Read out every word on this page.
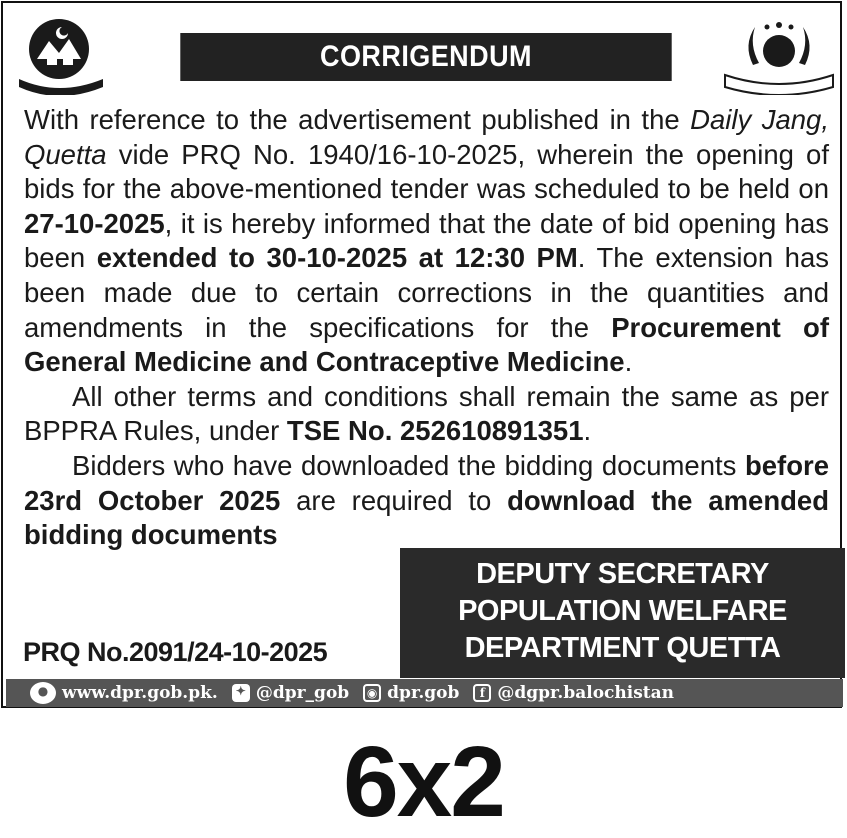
CORRIGENDUM

With reference to the advertisement published in the Daily Jang, Quetta vide PRQ No. 1940/16-10-2025, wherein the opening of bids for the above-mentioned tender was scheduled to be held on 27-10-2025, it is hereby informed that the date of bid opening has been extended to 30-10-2025 at 12:30 PM. The extension has been made due to certain corrections in the quantities and amendments in the specifications for the Procurement of General Medicine and Contraceptive Medicine.

All other terms and conditions shall remain the same as per BPPRA Rules, under TSE No. 252610891351.

Bidders who have downloaded the bidding documents before 23rd October 2025 are required to download the amended bidding documents

PRQ No.2091/24-10-2025
DEPUTY SECRETARY
POPULATION WELFARE
DEPARTMENT QUETTA
● www.dpr.gob.pk.	✦ @dpr_gob	◉ dpr.gob	f @dgpr.balochistan
6x2
